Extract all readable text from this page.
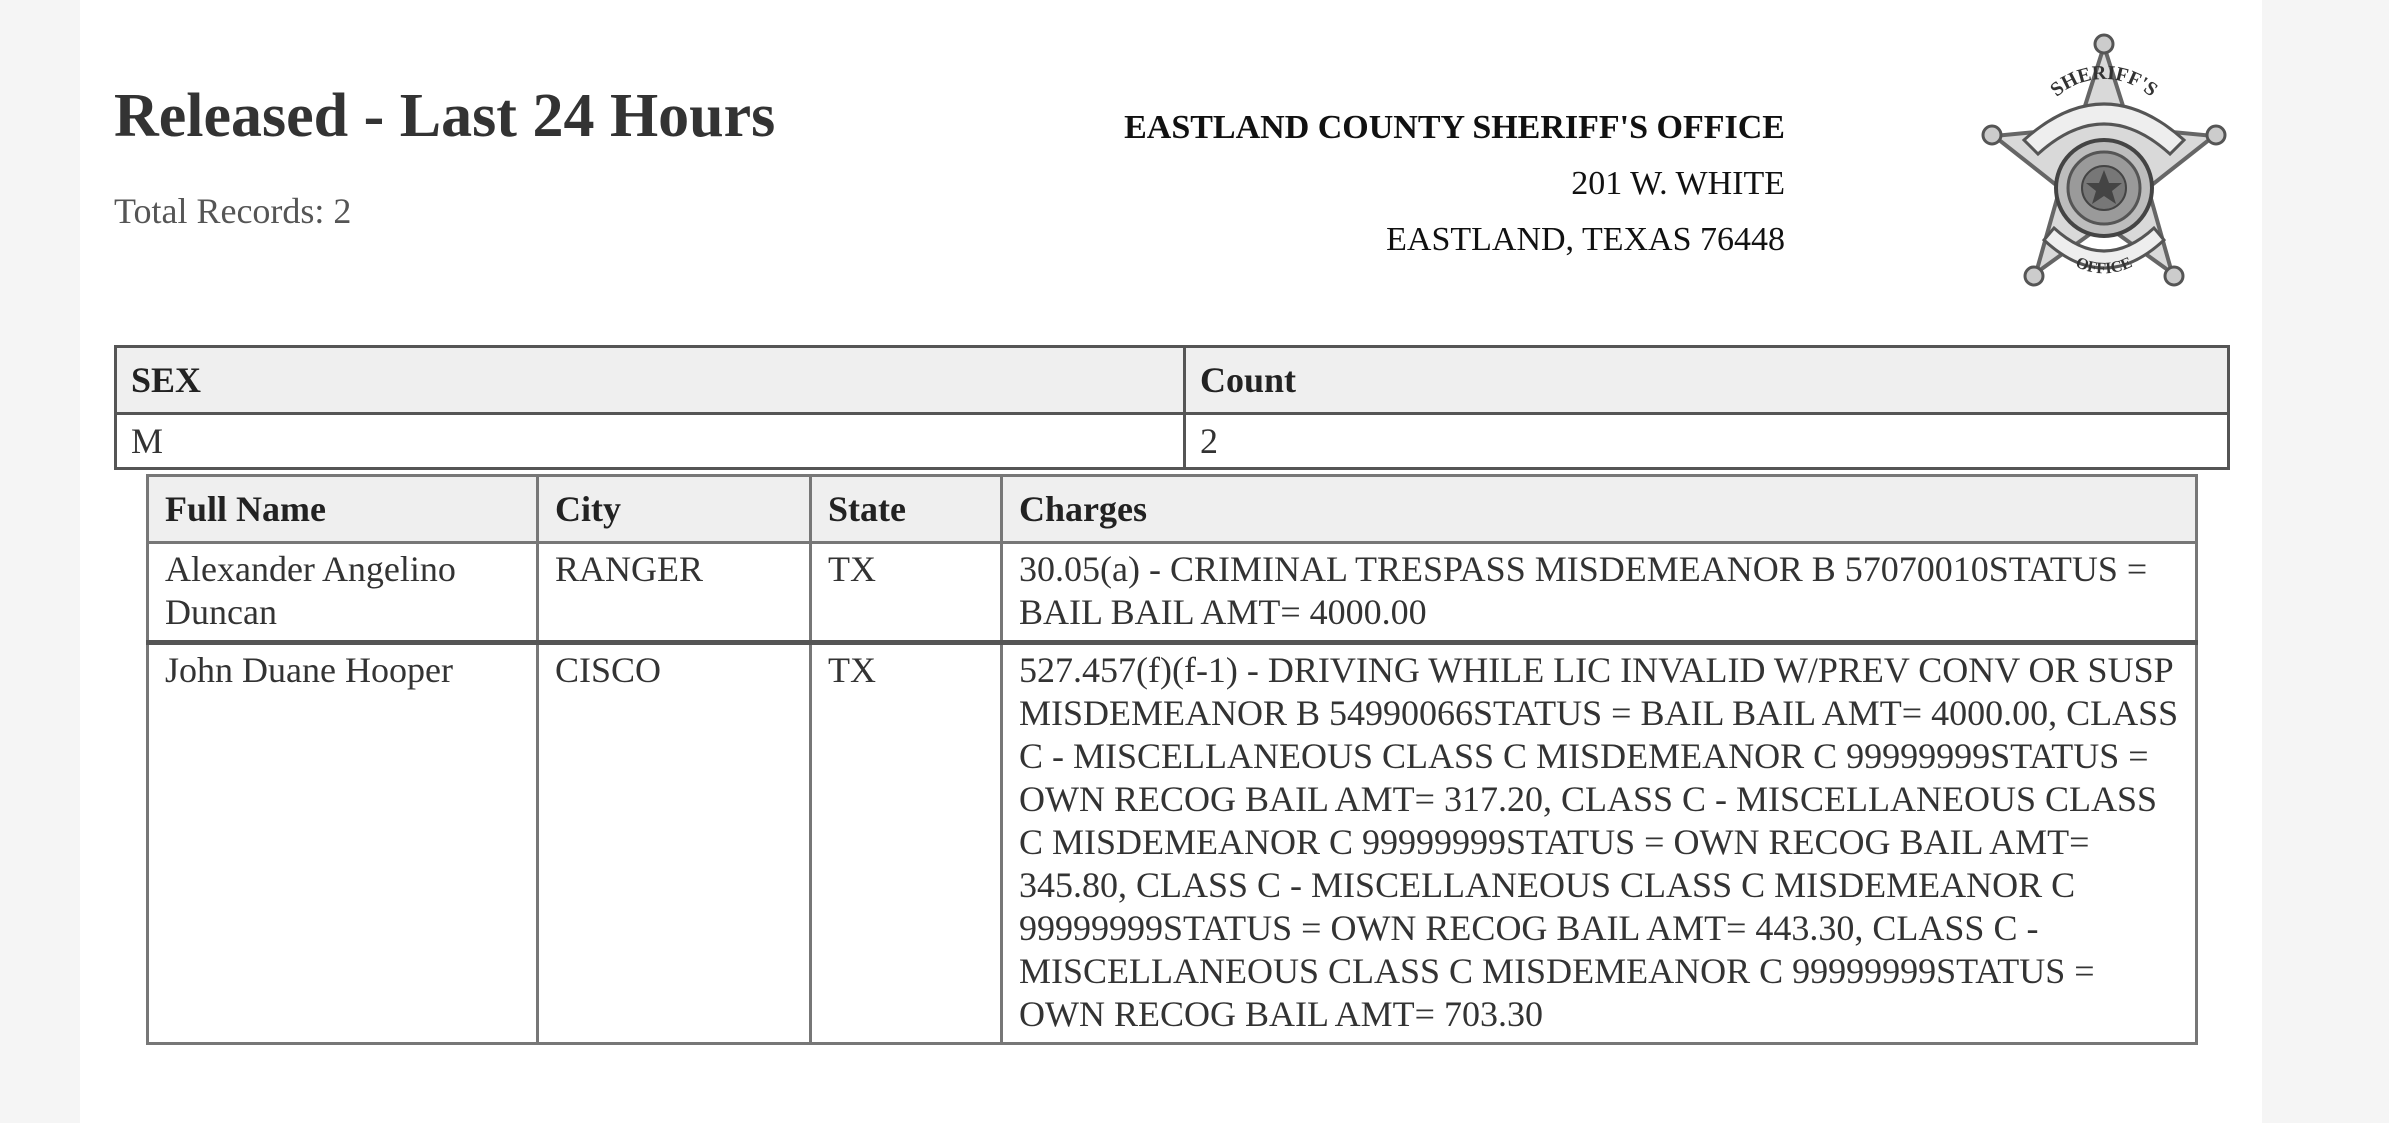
Released - Last 24 Hours
Total Records: 2
EASTLAND COUNTY SHERIFF'S OFFICE
201 W. WHITE
EASTLAND, TEXAS 76448
SHERIFF'S
OFFICE
SEX	Count
M	2
Full Name	City	State	Charges
Alexander Angelino Duncan	RANGER	TX	30.05(a) - CRIMINAL TRESPASS MISDEMEANOR B 57070010STATUS = BAIL BAIL AMT= 4000.00
John Duane Hooper	CISCO	TX	527.457(f)(f-1) - DRIVING WHILE LIC INVALID W/PREV CONV OR SUSP MISDEMEANOR B 54990066STATUS = BAIL BAIL AMT= 4000.00, CLASS C - MISCELLANEOUS CLASS C MISDEMEANOR C 99999999STATUS = OWN RECOG BAIL AMT= 317.20, CLASS C - MISCELLANEOUS CLASS C MISDEMEANOR C 99999999STATUS = OWN RECOG BAIL AMT= 345.80, CLASS C - MISCELLANEOUS CLASS C MISDEMEANOR C 99999999STATUS = OWN RECOG BAIL AMT= 443.30, CLASS C - MISCELLANEOUS CLASS C MISDEMEANOR C 99999999STATUS = OWN RECOG BAIL AMT= 703.30
